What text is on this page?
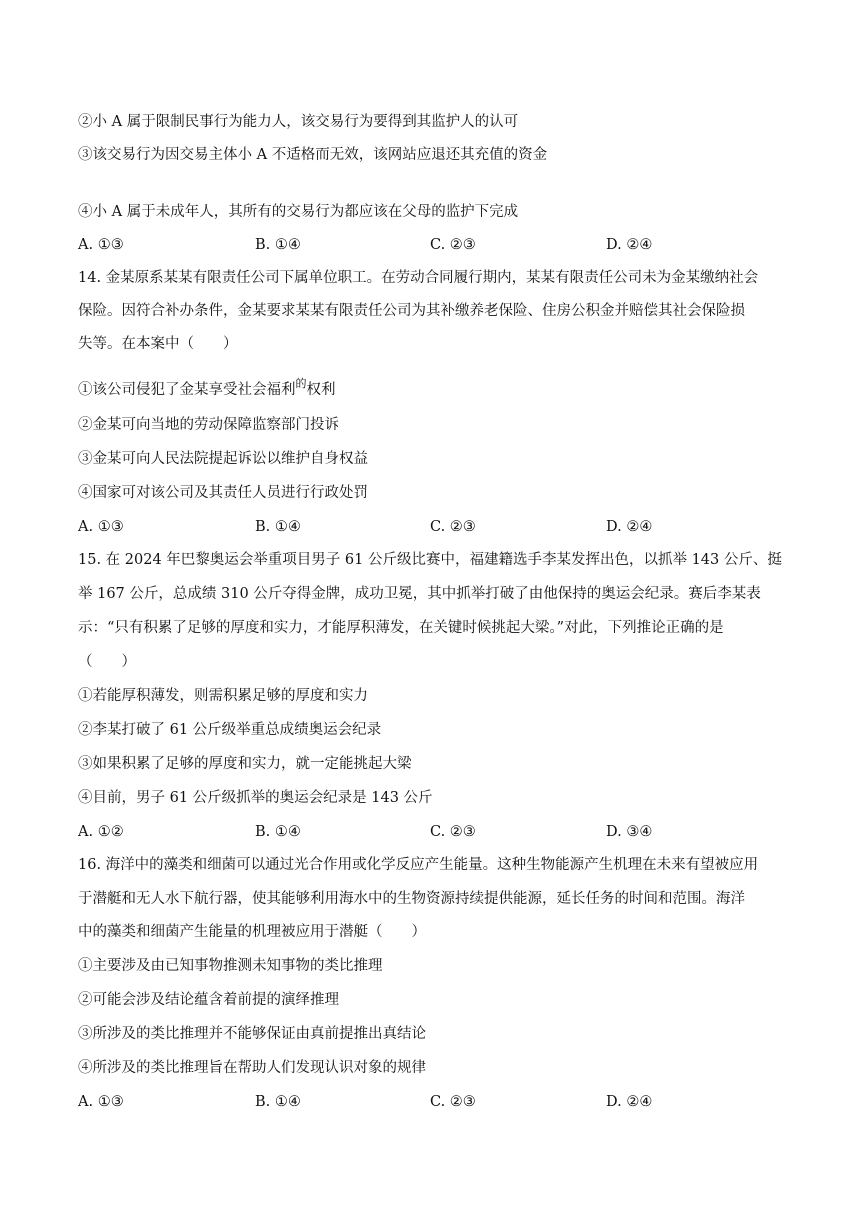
②小 A 属于限制民事行为能力人，该交易行为要得到其监护人的认可
③该交易行为因交易主体小 A 不适格而无效，该网站应退还其充值的资金
④小 A 属于未成年人，其所有的交易行为都应该在父母的监护下完成
A. ①③	B. ①④	C. ②③	D. ②④
14. 金某原系某某有限责任公司下属单位职工。在劳动合同履行期内，某某有限责任公司未为金某缴纳社会
保险。因符合补办条件，金某要求某某有限责任公司为其补缴养老保险、住房公积金并赔偿其社会保险损
失等。在本案中（　　）
①该公司侵犯了金某享受社会福利$^的$权利
②金某可向当地的劳动保障监察部门投诉
③金某可向人民法院提起诉讼以维护自身权益
④国家可对该公司及其责任人员进行行政处罚
A. ①③	B. ①④	C. ②③	D. ②④
15. 在 2024 年巴黎奥运会举重项目男子 61 公斤级比赛中，福建籍选手李某发挥出色，以抓举 143 公斤、挺
举 167 公斤，总成绩 310 公斤夺得金牌，成功卫冕，其中抓举打破了由他保持的奥运会纪录。赛后李某表
示：“只有积累了足够的厚度和实力，才能厚积薄发，在关键时候挑起大梁。”对此，下列推论正确的是
（　　）
①若能厚积薄发，则需积累足够的厚度和实力
②李某打破了 61 公斤级举重总成绩奥运会纪录
③如果积累了足够的厚度和实力，就一定能挑起大梁
④目前，男子 61 公斤级抓举的奥运会纪录是 143 公斤
A. ①②	B. ①④	C. ②③	D. ③④
16. 海洋中的藻类和细菌可以通过光合作用或化学反应产生能量。这种生物能源产生机理在未来有望被应用
于潜艇和无人水下航行器，使其能够利用海水中的生物资源持续提供能源，延长任务的时间和范围。海洋
中的藻类和细菌产生能量的机理被应用于潜艇（　　）
①主要涉及由已知事物推测未知事物的类比推理
②可能会涉及结论蕴含着前提的演绎推理
③所涉及的类比推理并不能够保证由真前提推出真结论
④所涉及的类比推理旨在帮助人们发现认识对象的规律
A. ①③	B. ①④	C. ②③	D. ②④
